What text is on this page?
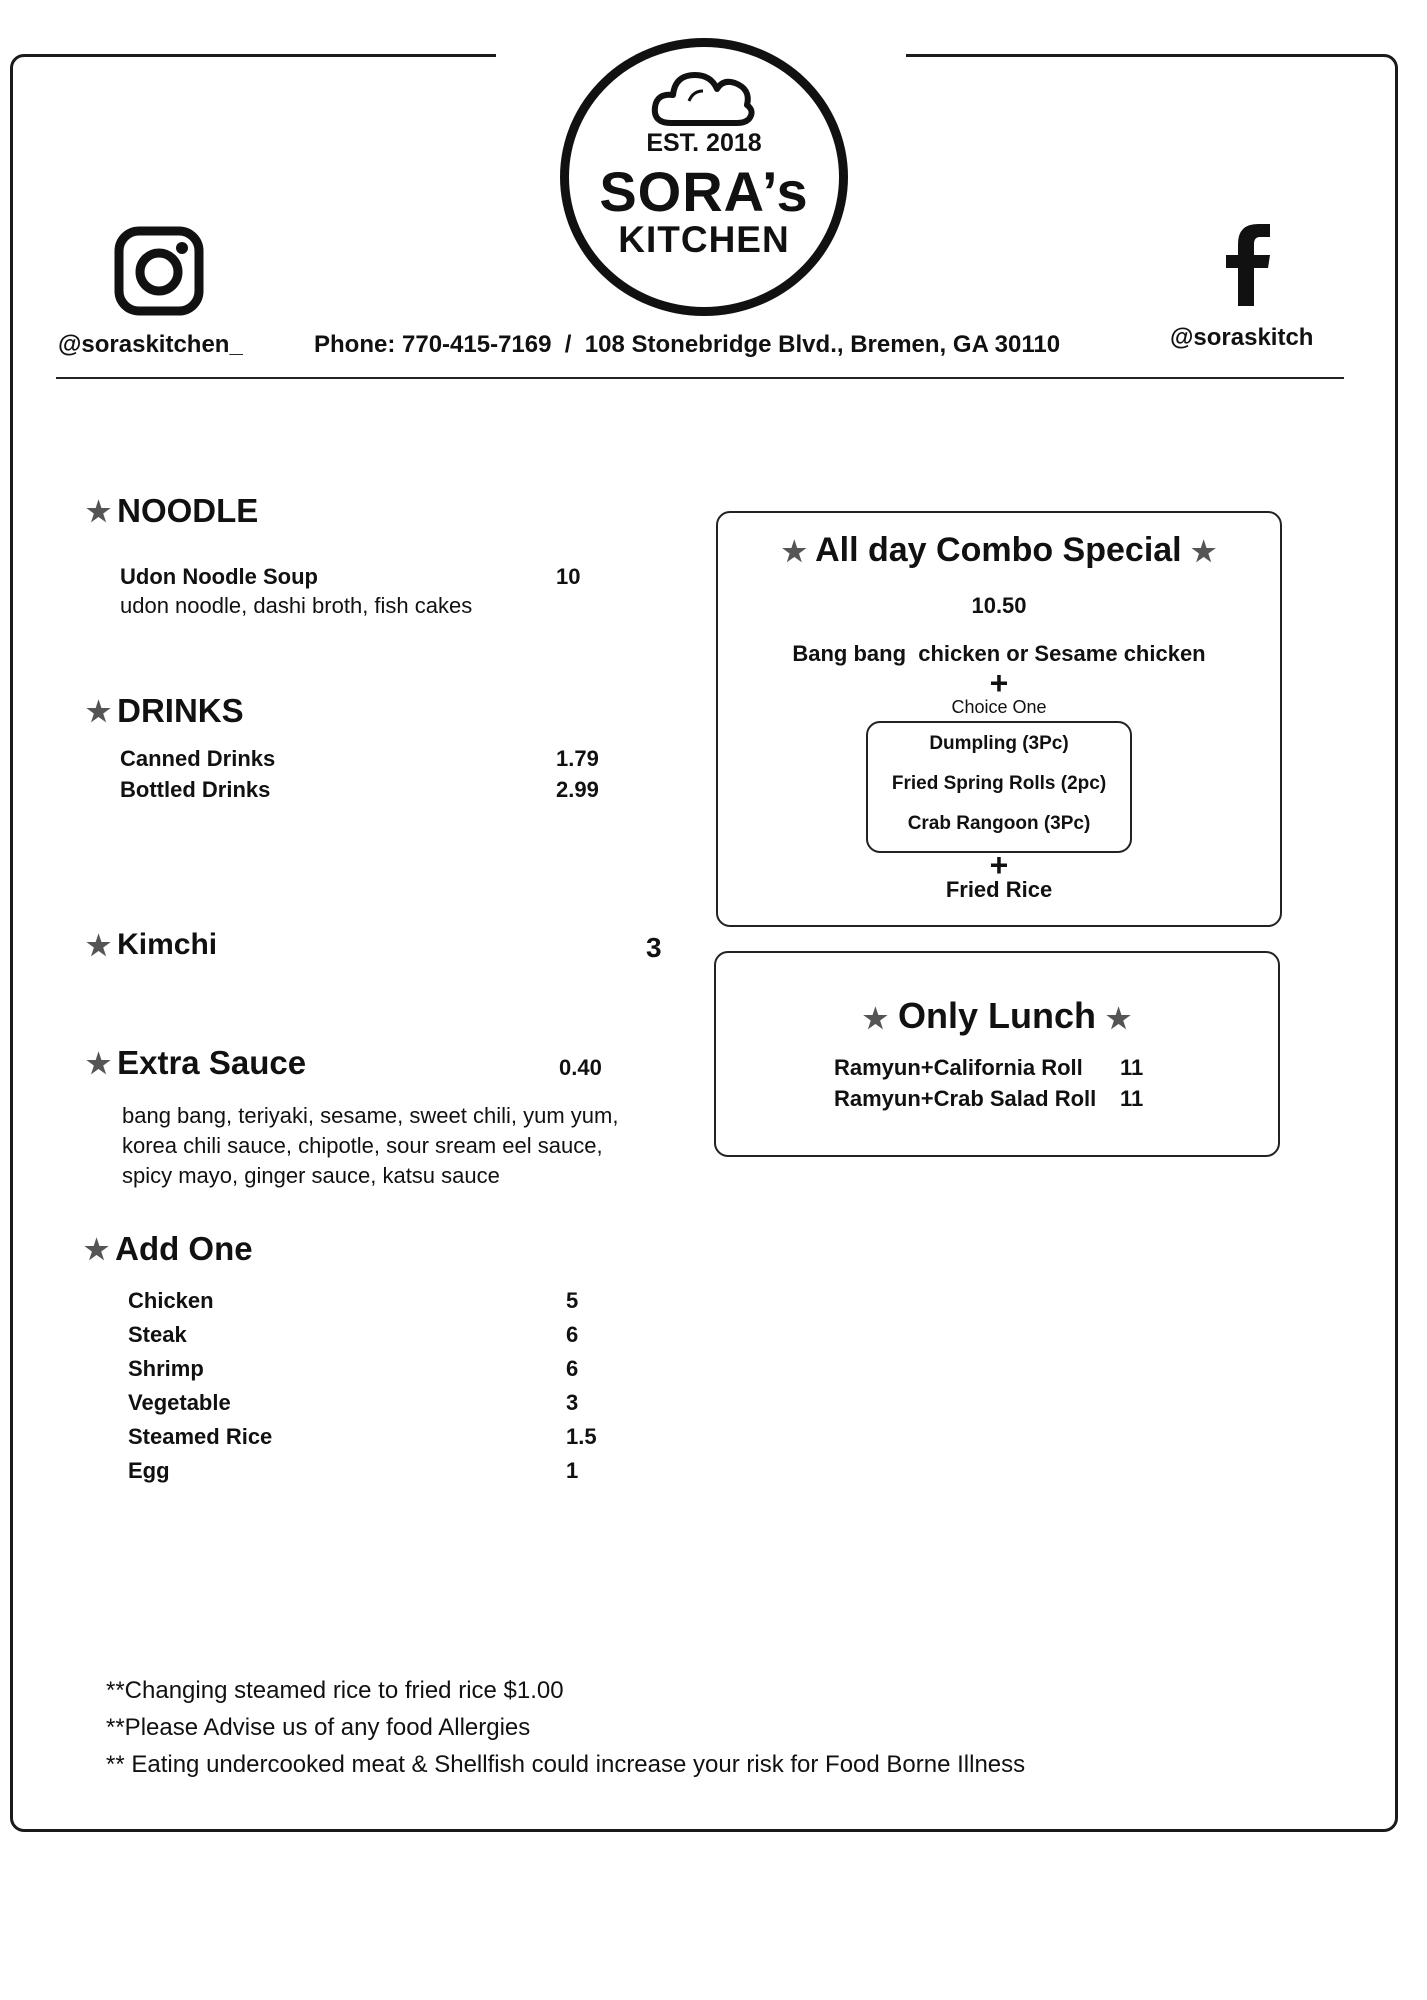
EST. 2018
SORA’s
KITCHEN
@soraskitchen_	@soraskitch
Phone: 770-415-7169  /  108 Stonebridge Blvd., Bremen, GA 30110
★ NOODLE
Udon Noodle Soup	10
udon noodle, dashi broth, fish cakes
★ DRINKS
Canned Drinks	1.79
Bottled Drinks	2.99
★ Kimchi	3
★ Extra Sauce	0.40
bang bang, teriyaki, sesame, sweet chili, yum yum,
korea chili sauce, chipotle, sour sream eel sauce,
spicy mayo, ginger sauce, katsu sauce
★ Add One
Chicken	5
Steak	6
Shrimp	6
Vegetable	3
Steamed Rice	1.5
Egg	1
★ All day Combo Special ★
10.50
Bang bang  chicken or Sesame chicken
+
Choice One
Dumpling (3Pc)
Fried Spring Rolls (2pc)
Crab Rangoon (3Pc)
+
Fried Rice
★ Only Lunch ★
Ramyun+California Roll 11
Ramyun+Crab Salad Roll 11
**Changing steamed rice to fried rice $1.00
**Please Advise us of any food Allergies
** Eating undercooked meat & Shellfish could increase your risk for Food Borne Illness
